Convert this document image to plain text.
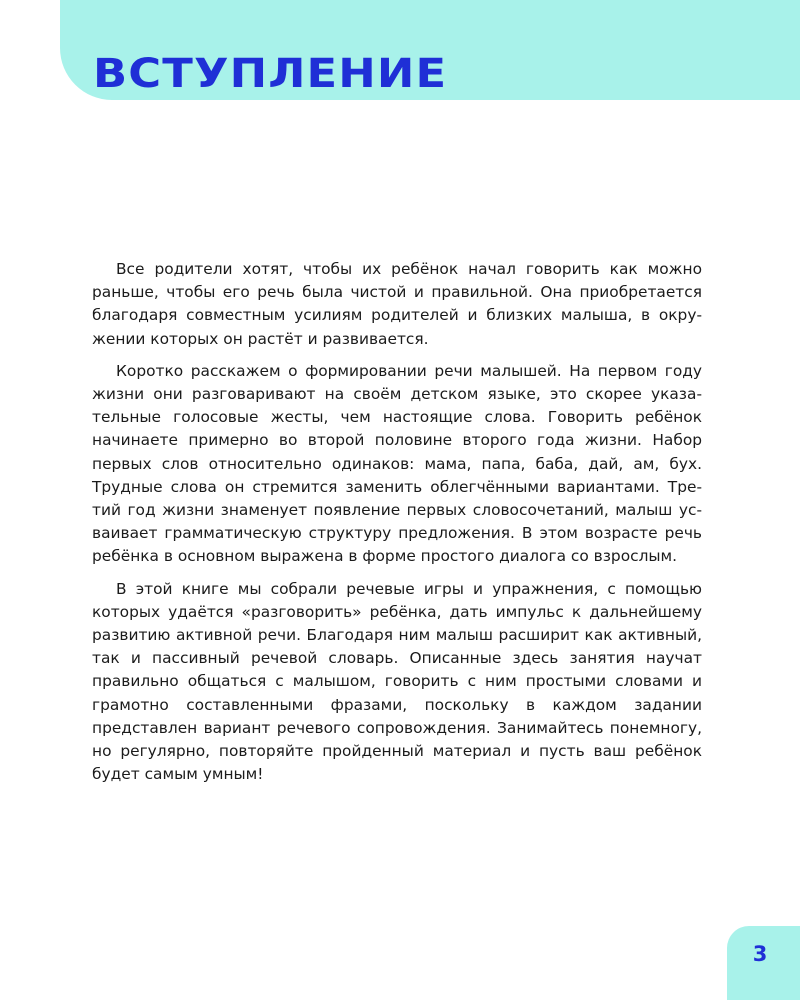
ВСТУПЛЕНИЕ

Все родители хотят, чтобы их ребёнок начал говорить как можно раньше, чтобы его речь была чистой и правильной. Она приобретается благодаря совместным усилиям родителей и близких малыша, в окружении которых он растёт и развивается.

Коротко расскажем о формировании речи малышей. На первом году жизни они разговаривают на своём детском языке, это скорее указательные голосовые жесты, чем настоящие слова. Говорить ребёнок начинаете примерно во второй половине второго года жизни. Набор первых слов относительно одинаков: мама, папа, баба, дай, ам, бух. Трудные слова он стремится заменить облегчёнными вариантами. Третий год жизни знаменует появление первых словосочетаний, малыш усваивает грамматическую структуру предложения. В этом возрасте речь ребёнка в основном выражена в форме простого диалога со взрослым.

В этой книге мы собрали речевые игры и упражнения, с помощью которых удаётся «разговорить» ребёнка, дать импульс к дальнейшему развитию активной речи. Благодаря ним малыш расширит как активный, так и пассивный речевой словарь. Описанные здесь занятия научат правильно общаться с малышом, говорить с ним простыми словами и грамотно составленными фразами, поскольку в каждом задании представлен вариант речевого сопровождения. Занимайтесь понемногу, но регулярно, повторяйте пройденный материал и пусть ваш ребёнок будет самым умным!

3
